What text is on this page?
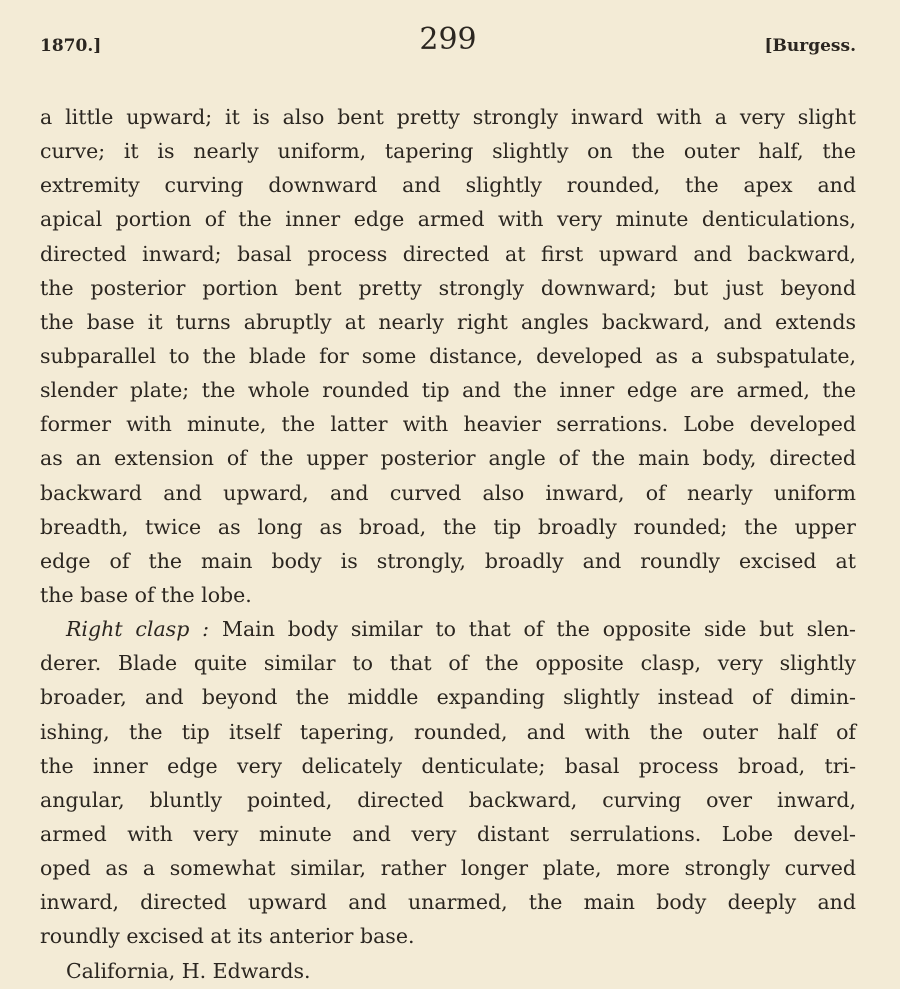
1870.]	299	[Burgess.
a little upward; it is also bent pretty strongly inward with a very slight
curve; it is nearly uniform, tapering slightly on the outer half, the
extremity curving downward and slightly rounded, the apex and
apical portion of the inner edge armed with very minute denticulations,
directed inward; basal process directed at first upward and backward,
the posterior portion bent pretty strongly downward; but just beyond
the base it turns abruptly at nearly right angles backward, and extends
subparallel to the blade for some distance, developed as a subspatulate,
slender plate; the whole rounded tip and the inner edge are armed, the
former with minute, the latter with heavier serrations. Lobe developed
as an extension of the upper posterior angle of the main body, directed
backward and upward, and curved also inward, of nearly uniform
breadth, twice as long as broad, the tip broadly rounded; the upper
edge of the main body is strongly, broadly and roundly excised at
the base of the lobe.
Right clasp : Main body similar to that of the opposite side but slen-
derer. Blade quite similar to that of the opposite clasp, very slightly
broader, and beyond the middle expanding slightly instead of dimin-
ishing, the tip itself tapering, rounded, and with the outer half of
the inner edge very delicately denticulate; basal process broad, tri-
angular, bluntly pointed, directed backward, curving over inward,
armed with very minute and very distant serrulations. Lobe devel-
oped as a somewhat similar, rather longer plate, more strongly curved
inward, directed upward and unarmed, the main body deeply and
roundly excised at its anterior base.
California, H. Edwards.
